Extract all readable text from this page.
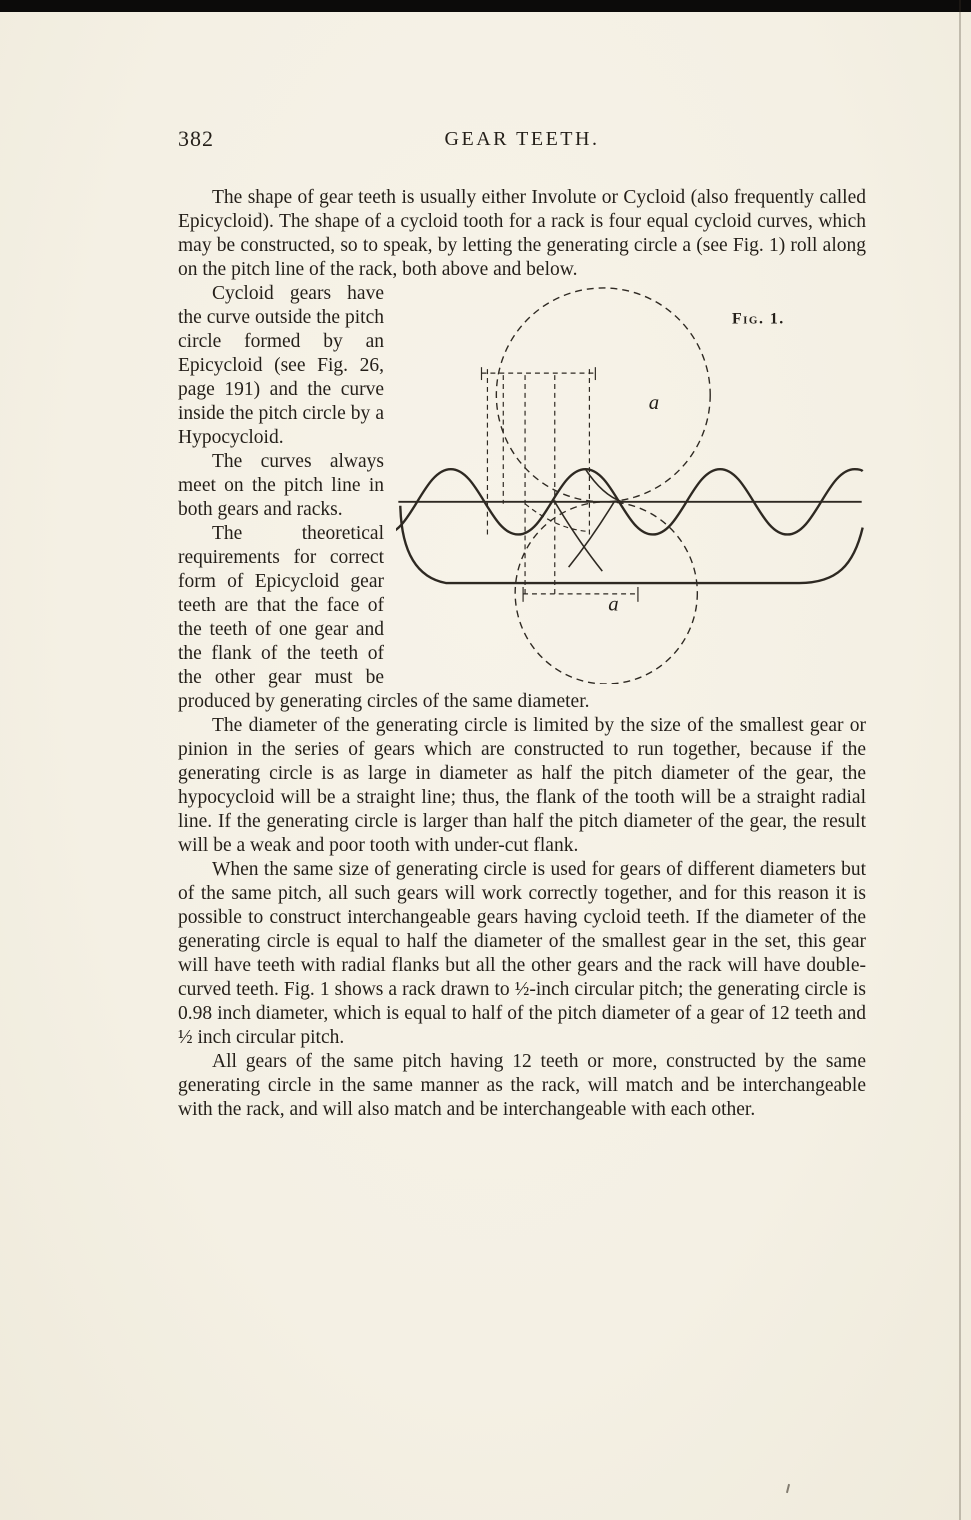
382	GEAR TEETH.

The shape of gear teeth is usually either Involute or Cycloid (also frequently called Epicycloid). The shape of a cycloid tooth for a rack is four equal cycloid curves, which may be constructed, so to speak, by letting the generating circle a (see Fig. 1) roll along on the pitch line of the rack, both above and below.

Fig. 1.
a
a

Cycloid gears have the curve outside the pitch circle formed by an Epicycloid (see Fig. 26, page 191) and the curve inside the pitch circle by a Hypocycloid.

The curves always meet on the pitch line in both gears and racks.

The theoretical requirements for correct form of Epicycloid gear teeth are that the face of the teeth of one gear and the flank of the teeth of the other gear must be produced by generating circles of the same diameter.

The diameter of the generating circle is limited by the size of the smallest gear or pinion in the series of gears which are constructed to run together, because if the generating circle is as large in diameter as half the pitch diameter of the gear, the hypocycloid will be a straight line; thus, the flank of the tooth will be a straight radial line. If the generating circle is larger than half the pitch diameter of the gear, the result will be a weak and poor tooth with under-cut flank.

When the same size of generating circle is used for gears of different diameters but of the same pitch, all such gears will work correctly together, and for this reason it is possible to construct interchangeable gears having cycloid teeth. If the diameter of the generating circle is equal to half the diameter of the smallest gear in the set, this gear will have teeth with radial flanks but all the other gears and the rack will have double-curved teeth. Fig. 1 shows a rack drawn to ½-inch circular pitch; the generating circle is 0.98 inch diameter, which is equal to half of the pitch diameter of a gear of 12 teeth and ½ inch circular pitch.

All gears of the same pitch having 12 teeth or more, constructed by the same generating circle in the same manner as the rack, will match and be interchangeable with the rack, and will also match and be interchangeable with each other.
